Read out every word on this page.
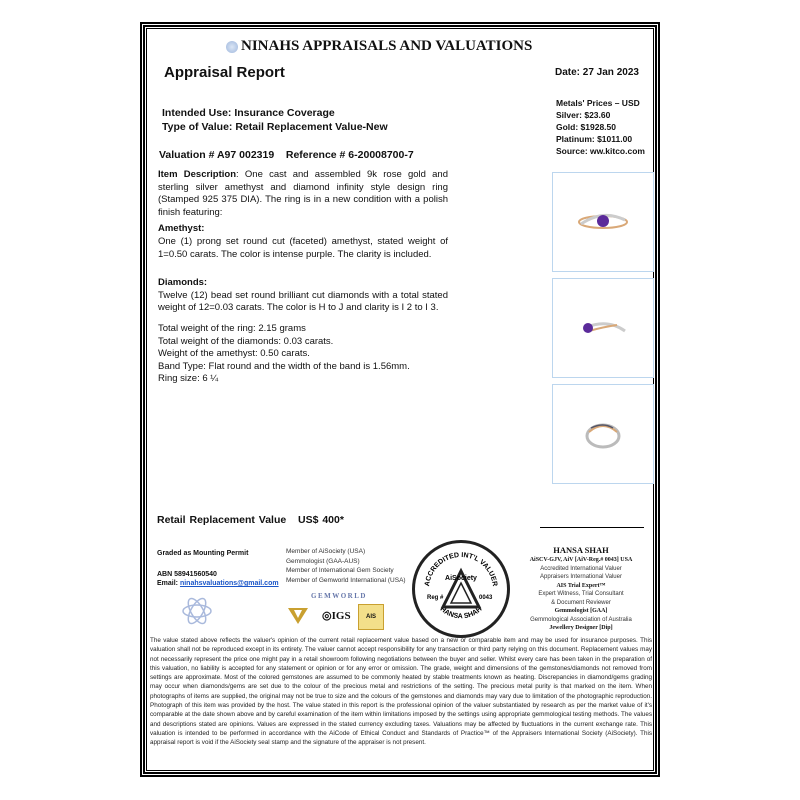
NINAHS APPRAISALS AND VALUATIONS
Appraisal Report	Date: 27 Jan 2023
Metals' Prices – USD
Silver: $23.60
Gold: $1928.50
Platinum: $1011.00
Source: ww.kitco.com
Intended Use: Insurance Coverage
Type of Value: Retail Replacement Value-New
Valuation # A97 002319 Reference # 6-20008700-7

Item Description: One cast and assembled 9k rose gold and sterling silver amethyst and diamond infinity style design ring (Stamped 925 375 DIA). The ring is in a new condition with a polish finish featuring:

Amethyst:

One (1) prong set round cut (faceted) amethyst, stated weight of 1=0.50 carats. The color is intense purple. The clarity is included.

Diamonds:

Twelve (12) bead set round brilliant cut diamonds with a total stated weight of 12=0.03 carats. The color is H to J and clarity is I 2 to I 3.

Total weight of the ring: 2.15 grams
Total weight of the diamonds: 0.03 carats.
Weight of the amethyst: 0.50 carats.
Band Type: Flat round and the width of the band is 1.56mm.
Ring size: 6 ¼
Retail Replacement Value US$ 400*
Graded as Mounting Permit
ABN 58941560540
Email: ninahsvaluations@gmail.com
Member of AiSociety (USA)
Gemmologist (GAA-AUS)
Member of International Gem Society
Member of Gemworld International (USA)
GEMWORLD
◎IGS	AIS
ACCREDITED INT'L VALUER
HANSA SHAH
AiSociety
Reg #	0043
HANSA SHAH
AiSCV-GJV, AiV [AiV-Reg.# 0043] USA
Accredited International Valuer
Appraisers International Valuer
AIS Trial Expert™
Expert Witness, Trial Consultant
& Document Reviewer
Gemmologist [GAA]
Gemmological Association of Australia
Jewellery Designer [Dip]
The value stated above reflects the valuer's opinion of the current retail replacement value based on a new or comparable item and may be used for insurance purposes. This valuation shall not be reproduced except in its entirety. The valuer cannot accept responsibility for any transaction or third party relying on this document. Replacement values may not necessarily represent the price one might pay in a retail showroom following negotiations between the buyer and seller. Whilst every care has been taken in the preparation of this valuation, no liability is accepted for any statement or opinion or for any error or omission. The grade, weight and dimensions of the gemstones/diamonds not removed from settings are approximate. Most of the colored gemstones are assumed to be commonly heated by stable treatments known as heating. Discrepancies in diamond/gems grading may occur when diamonds/gems are set due to the colour of the precious metal and restrictions of the setting. The precious metal purity is that marked on the item. When photographs of items are supplied, the original may not be true to size and the colours of the gemstones and diamonds may vary due to limitation of the photographic reproduction. Photograph of this item was provided by the host. The value stated in this report is the professional opinion of the valuer substantiated by research as per the market value of it's comparable at the date shown above and by careful examination of the item within limitations imposed by the settings using appropriate gemmological testing methods. The values and descriptions stated are opinions. Values are expressed in the stated currency excluding taxes. Valuations may be affected by fluctuations in the current exchange rate. This valuation is intended to be performed in accordance with the AiCode of Ethical Conduct and Standards of Practice™ of the Appraisers International Society (AiSociety). This appraisal report is void if the AiSociety seal stamp and the signature of the appraiser is not present.
